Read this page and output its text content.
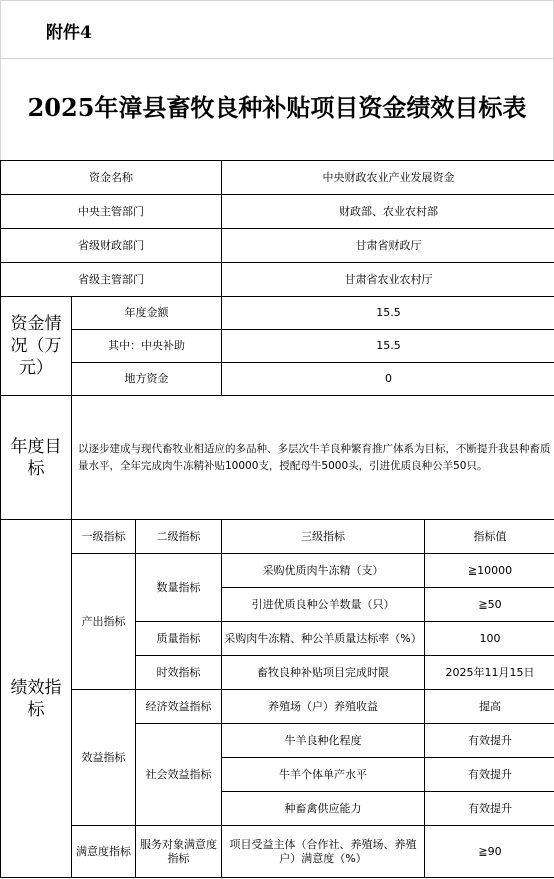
附件4
2025年漳县畜牧良种补贴项目资金绩效目标表
资金名称			中央财政农业产业发展资金	
中央主管部门			财政部、农业农村部	
省级财政部门			甘肃省财政厅	
省级主管部门			甘肃省农业农村厅	
资金情况（万元）	年度金额		15.5	
	其中：中央补助		15.5	
	地方资金		0	
年度目标	以逐步建成与现代畜牧业相适应的多品种、多层次牛羊良种繁育推广体系为目标，不断提升我县种畜质量水平，全年完成肉牛冻精补贴10000支，授配母牛5000头，引进优质良种公羊50只。			
绩效指标	一级指标	二级指标	三级指标	指标值
	产出指标	数量指标	采购优质肉牛冻精（支）	≧10000
			引进优质良种公羊数量（只）	≧50
		质量指标	采购肉牛冻精、种公羊质量达标率（%）	100
		时效指标	畜牧良种补贴项目完成时限	2025年11月15日
	效益指标	经济效益指标	养殖场（户）养殖收益	提高
		社会效益指标	牛羊良种化程度	有效提升
			牛羊个体单产水平	有效提升
			种畜禽供应能力	有效提升
	满意度指标	服务对象满意度指标	项目受益主体（合作社、养殖场、养殖户）满意度（%）	≧90
